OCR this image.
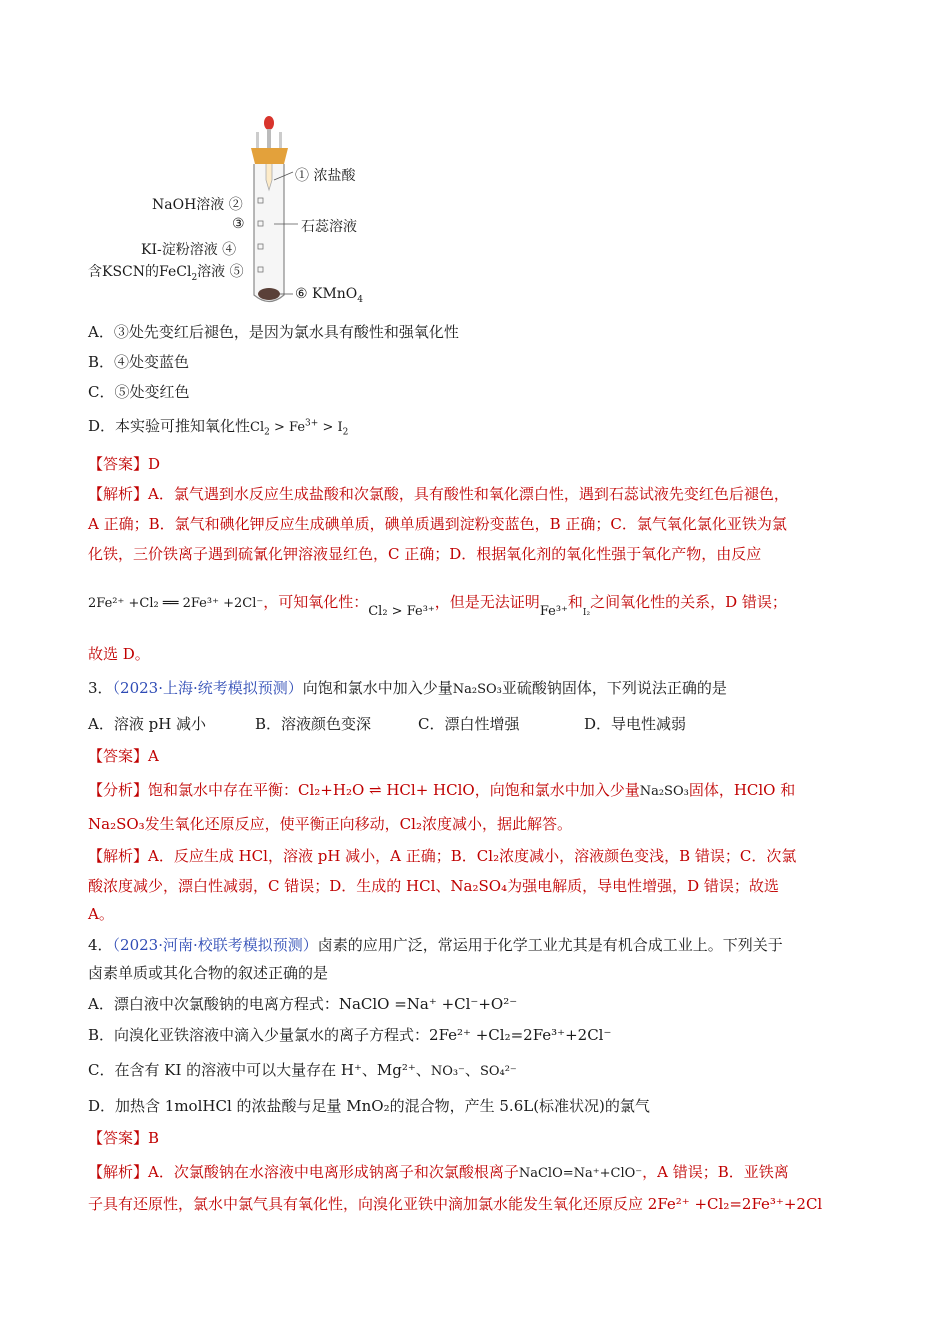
① 浓盐酸
NaOH溶液 ②
③	石蕊溶液
KI-淀粉溶液 ④
含KSCN的FeCl$_2$溶液 ⑤
⑥ KMnO$_4$
A．③处先变红后褪色，是因为氯水具有酸性和强氧化性
B．④处变蓝色
C．⑤处变红色
D．本实验可推知氧化性$Cl_2 > Fe^{3+} > I_2$
【答案】D
【解析】A．氯气遇到水反应生成盐酸和次氯酸，具有酸性和氧化漂白性，遇到石蕊试液先变红色后褪色，
A 正确；B．氯气和碘化钾反应生成碘单质，碘单质遇到淀粉变蓝色，B 正确；C．氯气氧化氯化亚铁为氯
化铁，三价铁离子遇到硫氰化钾溶液显红色，C 正确；D．根据氧化剂的氧化性强于氧化产物，由反应
2Fe²⁺ +Cl₂ ══ 2Fe³⁺ +2Cl⁻，可知氧化性：Cl₂ > Fe³⁺，但是无法证明Fe³⁺和$_{I_2}$之间氧化性的关系，D 错误；
故选 D。
3．（2023·上海·统考模拟预测）向饱和氯水中加入少量Na₂SO₃亚硫酸钠固体，下列说法正确的是
A．溶液 pH 减小	B．溶液颜色变深	C．漂白性增强	D．导电性减弱
【答案】A
【分析】饱和氯水中存在平衡：Cl₂+H₂O ⇌ HCl+ HClO，向饱和氯水中加入少量Na₂SO₃固体，HClO 和
Na₂SO₃发生氧化还原反应，使平衡正向移动，Cl₂浓度减小，据此解答。
【解析】A．反应生成 HCl，溶液 pH 减小，A 正确；B．Cl₂浓度减小，溶液颜色变浅，B 错误；C．次氯
酸浓度减少，漂白性减弱，C 错误；D．生成的 HCl、Na₂SO₄为强电解质，导电性增强，D 错误；故选
A。
4．（2023·河南·校联考模拟预测）卤素的应用广泛，常运用于化学工业尤其是有机合成工业上。下列关于
卤素单质或其化合物的叙述正确的是
A．漂白液中次氯酸钠的电离方程式：NaClO =Na⁺ +Cl⁻+O²⁻
B．向溴化亚铁溶液中滴入少量氯水的离子方程式：2Fe²⁺ +Cl₂=2Fe³⁺+2Cl⁻
C．在含有 KI 的溶液中可以大量存在 H⁺、Mg²⁺、NO₃⁻、SO₄²⁻
D．加热含 1molHCl 的浓盐酸与足量 MnO₂的混合物，产生 5.6L(标准状况)的氯气
【答案】B
【解析】A．次氯酸钠在水溶液中电离形成钠离子和次氯酸根离子NaClO=Na⁺+ClO⁻，A 错误；B．亚铁离
子具有还原性，氯水中氯气具有氧化性，向溴化亚铁中滴加氯水能发生氧化还原反应 2Fe²⁺ +Cl₂=2Fe³⁺+2Cl
